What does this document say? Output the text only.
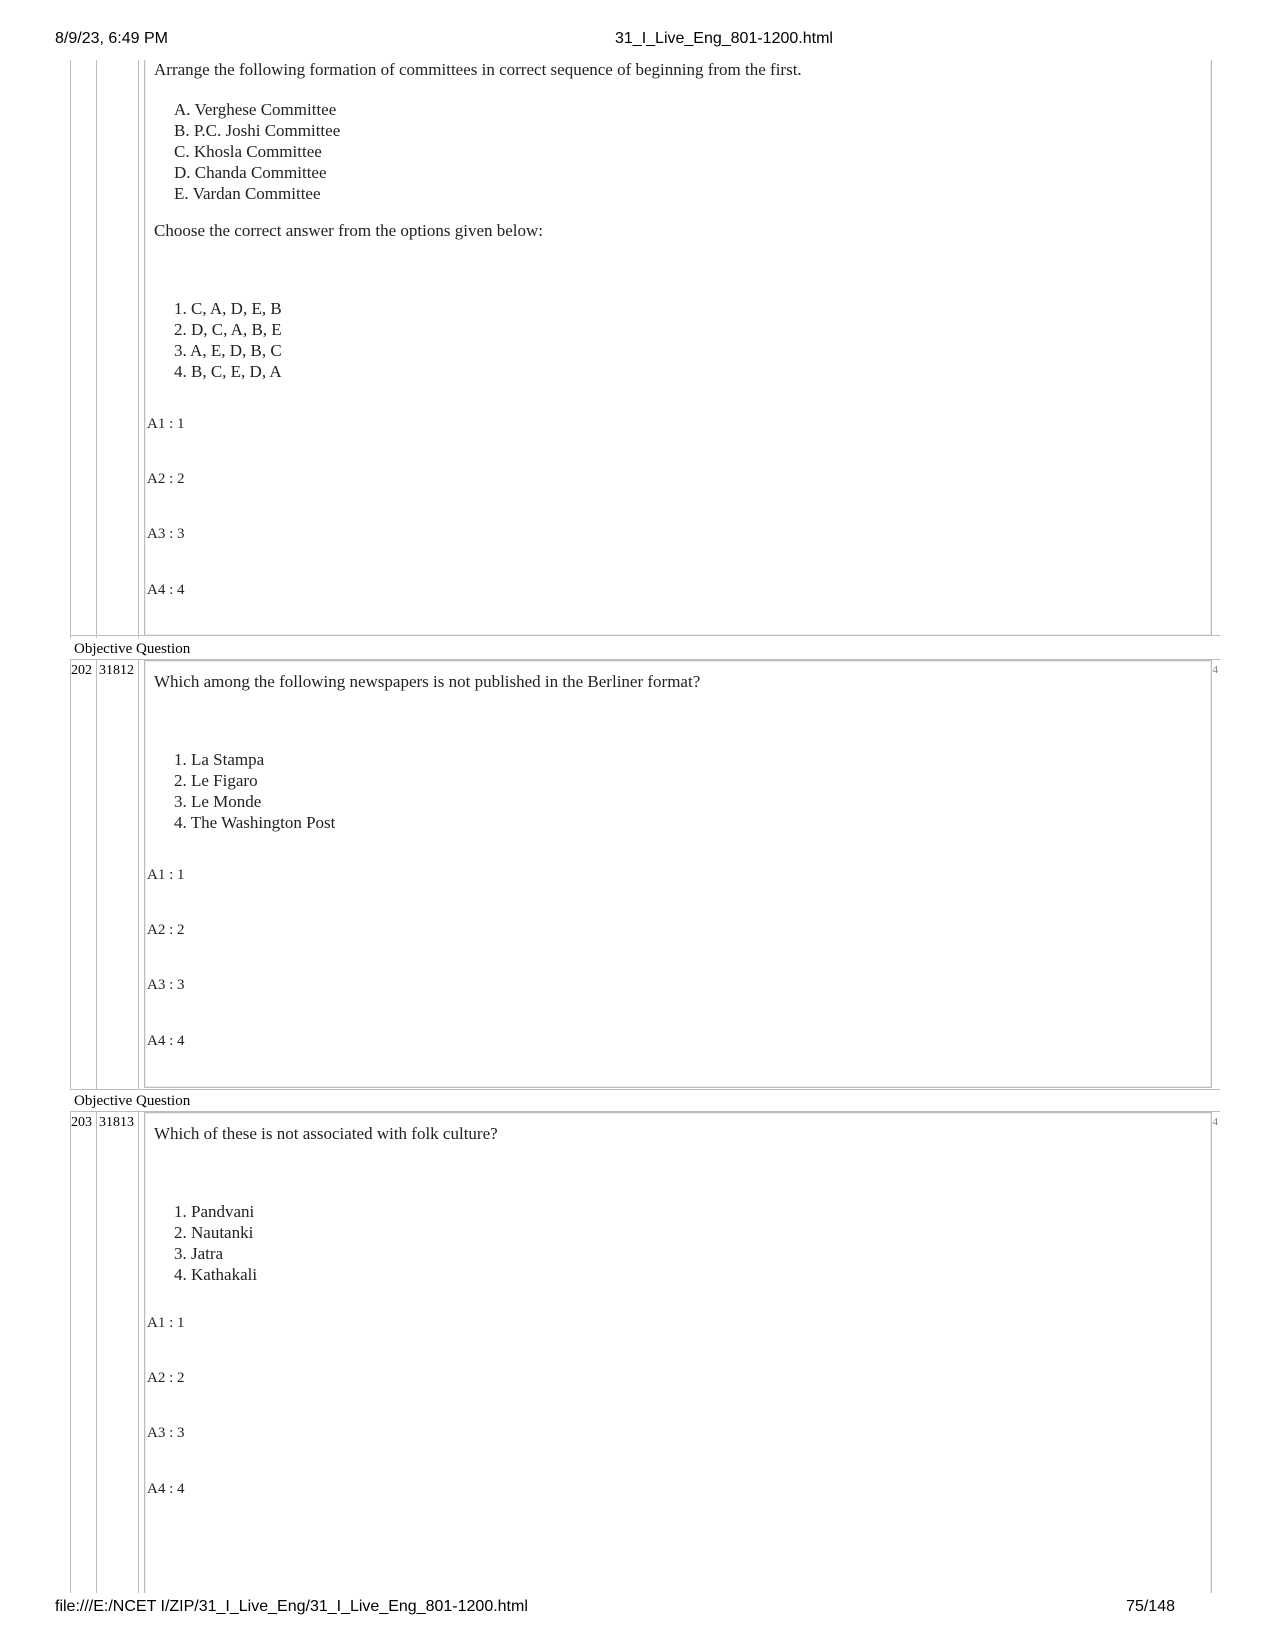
8/9/23, 6:49 PM	31_I_Live_Eng_801-1200.html
Arrange the following formation of committees in correct sequence of beginning from the first.
A. Verghese Committee
B. P.C. Joshi Committee
C. Khosla Committee
D. Chanda Committee
E. Vardan Committee
Choose the correct answer from the options given below:
1. C, A, D, E, B
2. D, C, A, B, E
3. A, E, D, B, C
4. B, C, E, D, A
A1 : 1
A2 : 2
A3 : 3
A4 : 4
Objective Question
202 31812	4
Which among the following newspapers is not published in the Berliner format?
1. La Stampa
2. Le Figaro
3. Le Monde
4. The Washington Post
A1 : 1
A2 : 2
A3 : 3
A4 : 4
Objective Question
203 31813	4
Which of these is not associated with folk culture?
1. Pandvani
2. Nautanki
3. Jatra
4. Kathakali
A1 : 1
A2 : 2
A3 : 3
A4 : 4
file:///E:/NCET I/ZIP/31_I_Live_Eng/31_I_Live_Eng_801-1200.html	75/148
